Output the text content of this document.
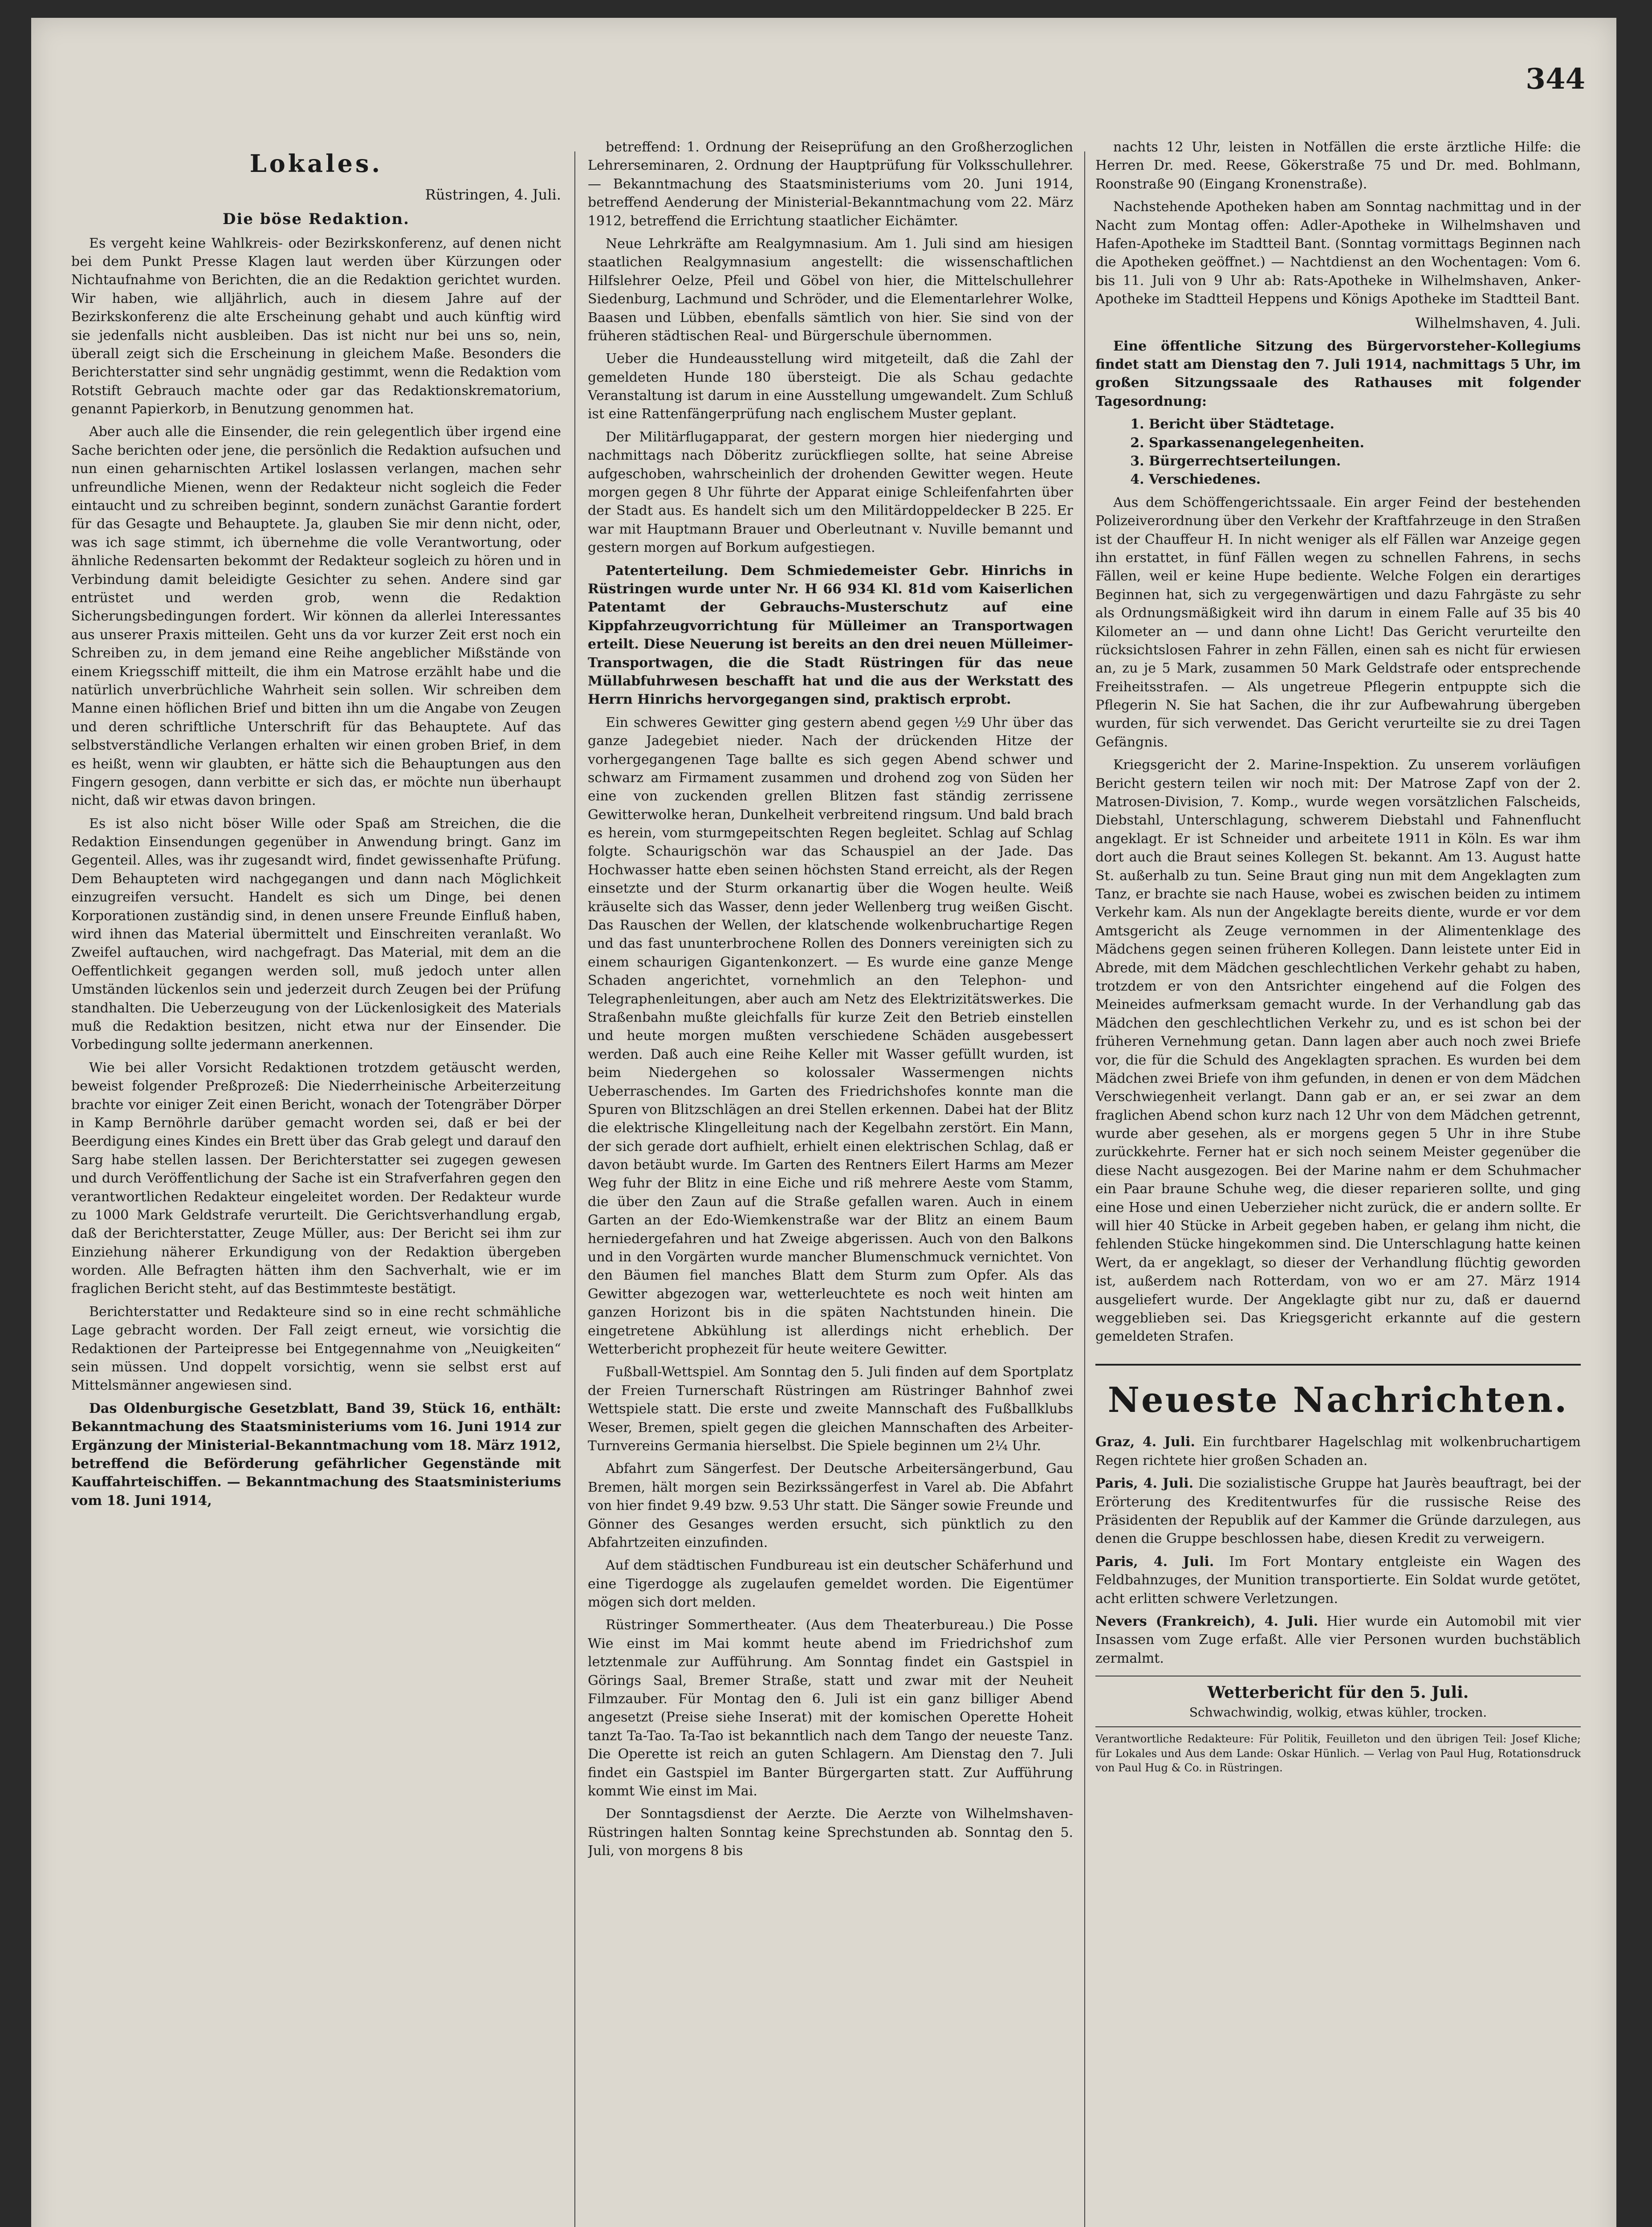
344

Lokales.

Rüstringen, 4. Juli.

Die böse Redaktion.

Es vergeht keine Wahlkreis- oder Bezirkskonferenz, auf denen nicht bei dem Punkt Presse Klagen laut werden über Kürzungen oder Nichtaufnahme von Berichten, die an die Redaktion gerichtet wurden. Wir haben, wie alljährlich, auch in diesem Jahre auf der Bezirkskonferenz die alte Erscheinung gehabt und auch künftig wird sie jedenfalls nicht ausbleiben. Das ist nicht nur bei uns so, nein, überall zeigt sich die Erscheinung in gleichem Maße. Besonders die Berichterstatter sind sehr ungnädig gestimmt, wenn die Redaktion vom Rotstift Gebrauch machte oder gar das Redaktionskrematorium, genannt Papierkorb, in Benutzung genommen hat.

Aber auch alle die Einsender, die rein gelegentlich über irgend eine Sache berichten oder jene, die persönlich die Redaktion aufsuchen und nun einen geharnischten Artikel loslassen verlangen, machen sehr unfreundliche Mienen, wenn der Redakteur nicht sogleich die Feder eintaucht und zu schreiben beginnt, sondern zunächst Garantie fordert für das Gesagte und Behauptete. Ja, glauben Sie mir denn nicht, oder, was ich sage stimmt, ich übernehme die volle Verantwortung, oder ähnliche Redensarten bekommt der Redakteur sogleich zu hören und in Verbindung damit beleidigte Gesichter zu sehen. Andere sind gar entrüstet und werden grob, wenn die Redaktion Sicherungsbedingungen fordert. Wir können da allerlei Interessantes aus unserer Praxis mitteilen. Geht uns da vor kurzer Zeit erst noch ein Schreiben zu, in dem jemand eine Reihe angeblicher Mißstände von einem Kriegsschiff mitteilt, die ihm ein Matrose erzählt habe und die natürlich unverbrüchliche Wahrheit sein sollen. Wir schreiben dem Manne einen höflichen Brief und bitten ihn um die Angabe von Zeugen und deren schriftliche Unterschrift für das Behauptete. Auf das selbstverständliche Verlangen erhalten wir einen groben Brief, in dem es heißt, wenn wir glaubten, er hätte sich die Behauptungen aus den Fingern gesogen, dann verbitte er sich das, er möchte nun überhaupt nicht, daß wir etwas davon bringen.

Es ist also nicht böser Wille oder Spaß am Streichen, die die Redaktion Einsendungen gegenüber in Anwendung bringt. Ganz im Gegenteil. Alles, was ihr zugesandt wird, findet gewissenhafte Prüfung. Dem Behaupteten wird nachgegangen und dann nach Möglichkeit einzugreifen versucht. Handelt es sich um Dinge, bei denen Korporationen zuständig sind, in denen unsere Freunde Einfluß haben, wird ihnen das Material übermittelt und Einschreiten veranlaßt. Wo Zweifel auftauchen, wird nachgefragt. Das Material, mit dem an die Oeffentlichkeit gegangen werden soll, muß jedoch unter allen Umständen lückenlos sein und jederzeit durch Zeugen bei der Prüfung standhalten. Die Ueberzeugung von der Lückenlosigkeit des Materials muß die Redaktion besitzen, nicht etwa nur der Einsender. Die Vorbedingung sollte jedermann anerkennen.

Wie bei aller Vorsicht Redaktionen trotzdem getäuscht werden, beweist folgender Preßprozeß: Die Niederrheinische Arbeiterzeitung brachte vor einiger Zeit einen Bericht, wonach der Totengräber Dörper in Kamp Bernöhrle darüber gemacht worden sei, daß er bei der Beerdigung eines Kindes ein Brett über das Grab gelegt und darauf den Sarg habe stellen lassen. Der Berichterstatter sei zugegen gewesen und durch Veröffentlichung der Sache ist ein Strafverfahren gegen den verantwortlichen Redakteur eingeleitet worden. Der Redakteur wurde zu 1000 Mark Geldstrafe verurteilt. Die Gerichtsverhandlung ergab, daß der Berichterstatter, Zeuge Müller, aus: Der Bericht sei ihm zur Einziehung näherer Erkundigung von der Redaktion übergeben worden. Alle Befragten hätten ihm den Sachverhalt, wie er im fraglichen Bericht steht, auf das Bestimmteste bestätigt.

Berichterstatter und Redakteure sind so in eine recht schmähliche Lage gebracht worden. Der Fall zeigt erneut, wie vorsichtig die Redaktionen der Parteipresse bei Entgegennahme von „Neuigkeiten“ sein müssen. Und doppelt vorsichtig, wenn sie selbst erst auf Mittelsmänner angewiesen sind.

Das Oldenburgische Gesetzblatt, Band 39, Stück 16, enthält: Bekanntmachung des Staatsministeriums vom 16. Juni 1914 zur Ergänzung der Ministerial-Bekanntmachung vom 18. März 1912, betreffend die Beförderung gefährlicher Gegenstände mit Kauffahrteischiffen. — Bekanntmachung des Staatsministeriums vom 18. Juni 1914,

betreffend: 1. Ordnung der Reiseprüfung an den Großherzoglichen Lehrerseminaren, 2. Ordnung der Hauptprüfung für Volksschullehrer. — Bekanntmachung des Staatsministeriums vom 20. Juni 1914, betreffend Aenderung der Ministerial-Bekanntmachung vom 22. März 1912, betreffend die Errichtung staatlicher Eichämter.

Neue Lehrkräfte am Realgymnasium. Am 1. Juli sind am hiesigen staatlichen Realgymnasium angestellt: die wissenschaftlichen Hilfslehrer Oelze, Pfeil und Göbel von hier, die Mittelschullehrer Siedenburg, Lachmund und Schröder, und die Elementarlehrer Wolke, Baasen und Lübben, ebenfalls sämtlich von hier. Sie sind von der früheren städtischen Real- und Bürgerschule übernommen.

Ueber die Hundeausstellung wird mitgeteilt, daß die Zahl der gemeldeten Hunde 180 übersteigt. Die als Schau gedachte Veranstaltung ist darum in eine Ausstellung umgewandelt. Zum Schluß ist eine Rattenfängerprüfung nach englischem Muster geplant.

Der Militärflugapparat, der gestern morgen hier niederging und nachmittags nach Döberitz zurückfliegen sollte, hat seine Abreise aufgeschoben, wahrscheinlich der drohenden Gewitter wegen. Heute morgen gegen 8 Uhr führte der Apparat einige Schleifenfahrten über der Stadt aus. Es handelt sich um den Militärdoppeldecker B 225. Er war mit Hauptmann Brauer und Oberleutnant v. Nuville bemannt und gestern morgen auf Borkum aufgestiegen.

Patenterteilung. Dem Schmiedemeister Gebr. Hinrichs in Rüstringen wurde unter Nr. H 66 934 Kl. 81d vom Kaiserlichen Patentamt der Gebrauchs-Musterschutz auf eine Kippfahrzeugvorrichtung für Mülleimer an Transportwagen erteilt. Diese Neuerung ist bereits an den drei neuen Mülleimer-Transportwagen, die die Stadt Rüstringen für das neue Müllabfuhrwesen beschafft hat und die aus der Werkstatt des Herrn Hinrichs hervorgegangen sind, praktisch erprobt.

Ein schweres Gewitter ging gestern abend gegen ½9 Uhr über das ganze Jadegebiet nieder. Nach der drückenden Hitze der vorhergegangenen Tage ballte es sich gegen Abend schwer und schwarz am Firmament zusammen und drohend zog von Süden her eine von zuckenden grellen Blitzen fast ständig zerrissene Gewitterwolke heran, Dunkelheit verbreitend ringsum. Und bald brach es herein, vom sturmgepeitschten Regen begleitet. Schlag auf Schlag folgte. Schaurigschön war das Schauspiel an der Jade. Das Hochwasser hatte eben seinen höchsten Stand erreicht, als der Regen einsetzte und der Sturm orkanartig über die Wogen heulte. Weiß kräuselte sich das Wasser, denn jeder Wellenberg trug weißen Gischt. Das Rauschen der Wellen, der klatschende wolkenbruchartige Regen und das fast ununterbrochene Rollen des Donners vereinigten sich zu einem schaurigen Gigantenkonzert. — Es wurde eine ganze Menge Schaden angerichtet, vornehmlich an den Telephon- und Telegraphenleitungen, aber auch am Netz des Elektrizitätswerkes. Die Straßenbahn mußte gleichfalls für kurze Zeit den Betrieb einstellen und heute morgen mußten verschiedene Schäden ausgebessert werden. Daß auch eine Reihe Keller mit Wasser gefüllt wurden, ist beim Niedergehen so kolossaler Wassermengen nichts Ueberraschendes. Im Garten des Friedrichshofes konnte man die Spuren von Blitzschlägen an drei Stellen erkennen. Dabei hat der Blitz die elektrische Klingelleitung nach der Kegelbahn zerstört. Ein Mann, der sich gerade dort aufhielt, erhielt einen elektrischen Schlag, daß er davon betäubt wurde. Im Garten des Rentners Eilert Harms am Mezer Weg fuhr der Blitz in eine Eiche und riß mehrere Aeste vom Stamm, die über den Zaun auf die Straße gefallen waren. Auch in einem Garten an der Edo-Wiemkenstraße war der Blitz an einem Baum herniedergefahren und hat Zweige abgerissen. Auch von den Balkons und in den Vorgärten wurde mancher Blumenschmuck vernichtet. Von den Bäumen fiel manches Blatt dem Sturm zum Opfer. Als das Gewitter abgezogen war, wetterleuchtete es noch weit hinten am ganzen Horizont bis in die späten Nachtstunden hinein. Die eingetretene Abkühlung ist allerdings nicht erheblich. Der Wetterbericht prophezeit für heute weitere Gewitter.

Fußball-Wettspiel. Am Sonntag den 5. Juli finden auf dem Sportplatz der Freien Turnerschaft Rüstringen am Rüstringer Bahnhof zwei Wettspiele statt. Die erste und zweite Mannschaft des Fußballklubs Weser, Bremen, spielt gegen die gleichen Mannschaften des Arbeiter-Turnvereins Germania hierselbst. Die Spiele beginnen um 2¼ Uhr.

Abfahrt zum Sängerfest. Der Deutsche Arbeitersängerbund, Gau Bremen, hält morgen sein Bezirkssängerfest in Varel ab. Die Abfahrt von hier findet 9.49 bzw. 9.53 Uhr statt. Die Sänger sowie Freunde und Gönner des Gesanges werden ersucht, sich pünktlich zu den Abfahrtzeiten einzufinden.

Auf dem städtischen Fundbureau ist ein deutscher Schäferhund und eine Tigerdogge als zugelaufen gemeldet worden. Die Eigentümer mögen sich dort melden.

Rüstringer Sommertheater. (Aus dem Theaterbureau.) Die Posse Wie einst im Mai kommt heute abend im Friedrichshof zum letztenmale zur Aufführung. Am Sonntag findet ein Gastspiel in Görings Saal, Bremer Straße, statt und zwar mit der Neuheit Filmzauber. Für Montag den 6. Juli ist ein ganz billiger Abend angesetzt (Preise siehe Inserat) mit der komischen Operette Hoheit tanzt Ta-Tao. Ta-Tao ist bekanntlich nach dem Tango der neueste Tanz. Die Operette ist reich an guten Schlagern. Am Dienstag den 7. Juli findet ein Gastspiel im Banter Bürgergarten statt. Zur Aufführung kommt Wie einst im Mai.

Der Sonntagsdienst der Aerzte. Die Aerzte von Wilhelmshaven-Rüstringen halten Sonntag keine Sprechstunden ab. Sonntag den 5. Juli, von morgens 8 bis

nachts 12 Uhr, leisten in Notfällen die erste ärztliche Hilfe: die Herren Dr. med. Reese, Gökerstraße 75 und Dr. med. Bohlmann, Roonstraße 90 (Eingang Kronenstraße).

Nachstehende Apotheken haben am Sonntag nachmittag und in der Nacht zum Montag offen: Adler-Apotheke in Wilhelmshaven und Hafen-Apotheke im Stadtteil Bant. (Sonntag vormittags Beginnen nach die Apotheken geöffnet.) — Nachtdienst an den Wochentagen: Vom 6. bis 11. Juli von 9 Uhr ab: Rats-Apotheke in Wilhelmshaven, Anker-Apotheke im Stadtteil Heppens und Königs Apotheke im Stadtteil Bant.

Wilhelmshaven, 4. Juli.

Eine öffentliche Sitzung des Bürgervorsteher-Kollegiums findet statt am Dienstag den 7. Juli 1914, nachmittags 5 Uhr, im großen Sitzungssaale des Rathauses mit folgender Tagesordnung:

1. Bericht über Städtetage.
2. Sparkassenangelegenheiten.
3. Bürgerrechtserteilungen.
4. Verschiedenes.

Aus dem Schöffengerichtssaale. Ein arger Feind der bestehenden Polizeiverordnung über den Verkehr der Kraftfahrzeuge in den Straßen ist der Chauffeur H. In nicht weniger als elf Fällen war Anzeige gegen ihn erstattet, in fünf Fällen wegen zu schnellen Fahrens, in sechs Fällen, weil er keine Hupe bediente. Welche Folgen ein derartiges Beginnen hat, sich zu vergegenwärtigen und dazu Fahrgäste zu sehr als Ordnungsmäßigkeit wird ihn darum in einem Falle auf 35 bis 40 Kilometer an — und dann ohne Licht! Das Gericht verurteilte den rücksichtslosen Fahrer in zehn Fällen, einen sah es nicht für erwiesen an, zu je 5 Mark, zusammen 50 Mark Geldstrafe oder entsprechende Freiheitsstrafen. — Als ungetreue Pflegerin entpuppte sich die Pflegerin N. Sie hat Sachen, die ihr zur Aufbewahrung übergeben wurden, für sich verwendet. Das Gericht verurteilte sie zu drei Tagen Gefängnis.

Kriegsgericht der 2. Marine-Inspektion. Zu unserem vorläufigen Bericht gestern teilen wir noch mit: Der Matrose Zapf von der 2. Matrosen-Division, 7. Komp., wurde wegen vorsätzlichen Falscheids, Diebstahl, Unterschlagung, schwerem Diebstahl und Fahnenflucht angeklagt. Er ist Schneider und arbeitete 1911 in Köln. Es war ihm dort auch die Braut seines Kollegen St. bekannt. Am 13. August hatte St. außerhalb zu tun. Seine Braut ging nun mit dem Angeklagten zum Tanz, er brachte sie nach Hause, wobei es zwischen beiden zu intimem Verkehr kam. Als nun der Angeklagte bereits diente, wurde er vor dem Amtsgericht als Zeuge vernommen in der Alimentenklage des Mädchens gegen seinen früheren Kollegen. Dann leistete unter Eid in Abrede, mit dem Mädchen geschlechtlichen Verkehr gehabt zu haben, trotzdem er von den Antsrichter eingehend auf die Folgen des Meineides aufmerksam gemacht wurde. In der Verhandlung gab das Mädchen den geschlechtlichen Verkehr zu, und es ist schon bei der früheren Vernehmung getan. Dann lagen aber auch noch zwei Briefe vor, die für die Schuld des Angeklagten sprachen. Es wurden bei dem Mädchen zwei Briefe von ihm gefunden, in denen er von dem Mädchen Verschwiegenheit verlangt. Dann gab er an, er sei zwar an dem fraglichen Abend schon kurz nach 12 Uhr von dem Mädchen getrennt, wurde aber gesehen, als er morgens gegen 5 Uhr in ihre Stube zurückkehrte. Ferner hat er sich noch seinem Meister gegenüber die diese Nacht ausgezogen. Bei der Marine nahm er dem Schuhmacher ein Paar braune Schuhe weg, die dieser reparieren sollte, und ging eine Hose und einen Ueberzieher nicht zurück, die er andern sollte. Er will hier 40 Stücke in Arbeit gegeben haben, er gelang ihm nicht, die fehlenden Stücke hingekommen sind. Die Unterschlagung hatte keinen Wert, da er angeklagt, so dieser der Verhandlung flüchtig geworden ist, außerdem nach Rotterdam, von wo er am 27. März 1914 ausgeliefert wurde. Der Angeklagte gibt nur zu, daß er dauernd weggeblieben sei. Das Kriegsgericht erkannte auf die gestern gemeldeten Strafen.

Neueste Nachrichten.

Graz, 4. Juli. Ein furchtbarer Hagelschlag mit wolkenbruchartigem Regen richtete hier großen Schaden an.

Paris, 4. Juli. Die sozialistische Gruppe hat Jaurès beauftragt, bei der Erörterung des Kreditentwurfes für die russische Reise des Präsidenten der Republik auf der Kammer die Gründe darzulegen, aus denen die Gruppe beschlossen habe, diesen Kredit zu verweigern.

Paris, 4. Juli. Im Fort Montary entgleiste ein Wagen des Feldbahnzuges, der Munition transportierte. Ein Soldat wurde getötet, acht erlitten schwere Verletzungen.

Nevers (Frankreich), 4. Juli. Hier wurde ein Automobil mit vier Insassen vom Zuge erfaßt. Alle vier Personen wurden buchstäblich zermalmt.

Wetterbericht für den 5. Juli.
Schwachwindig, wolkig, etwas kühler, trocken.
Verantwortliche Redakteure: Für Politik, Feuilleton und den übrigen Teil: Josef Kliche; für Lokales und Aus dem Lande: Oskar Hünlich. — Verlag von Paul Hug, Rotationsdruck von Paul Hug & Co. in Rüstringen.
